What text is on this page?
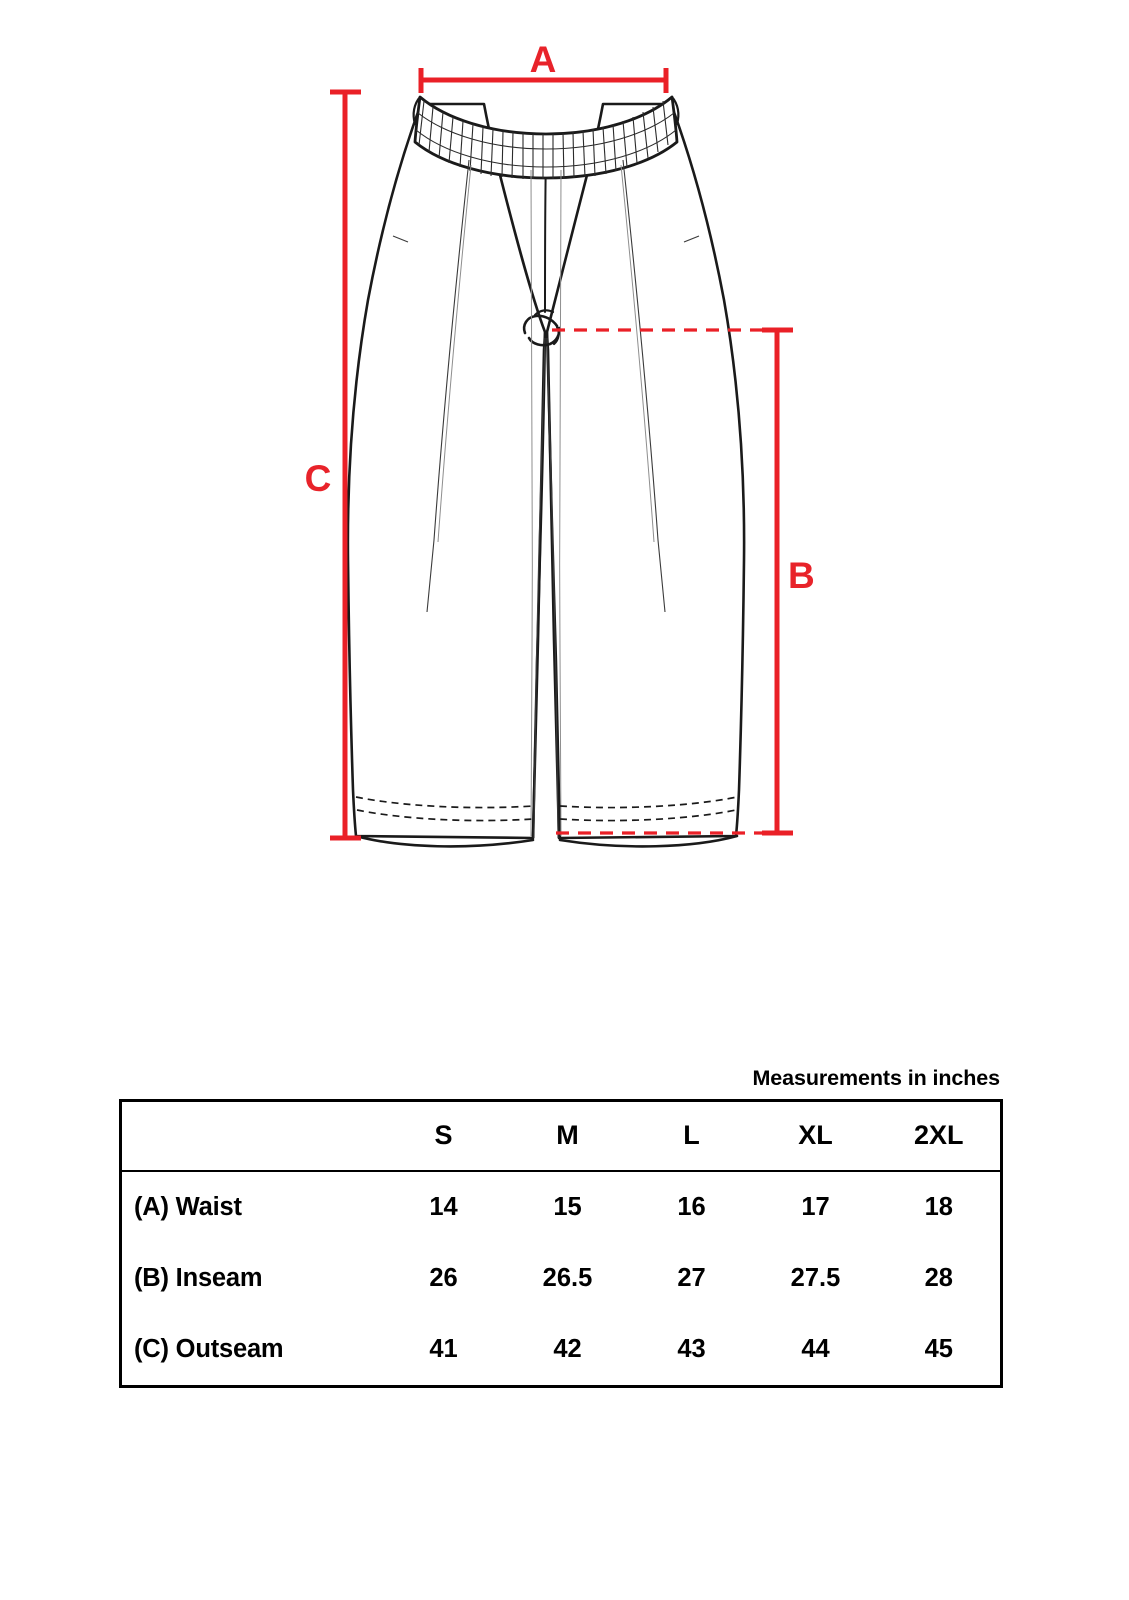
A
C
B
Measurements in inches
	S	M	L	XL	2XL
(A) Waist	14	15	16	17	18
(B) Inseam	26	26.5	27	27.5	28
(C) Outseam	41	42	43	44	45
